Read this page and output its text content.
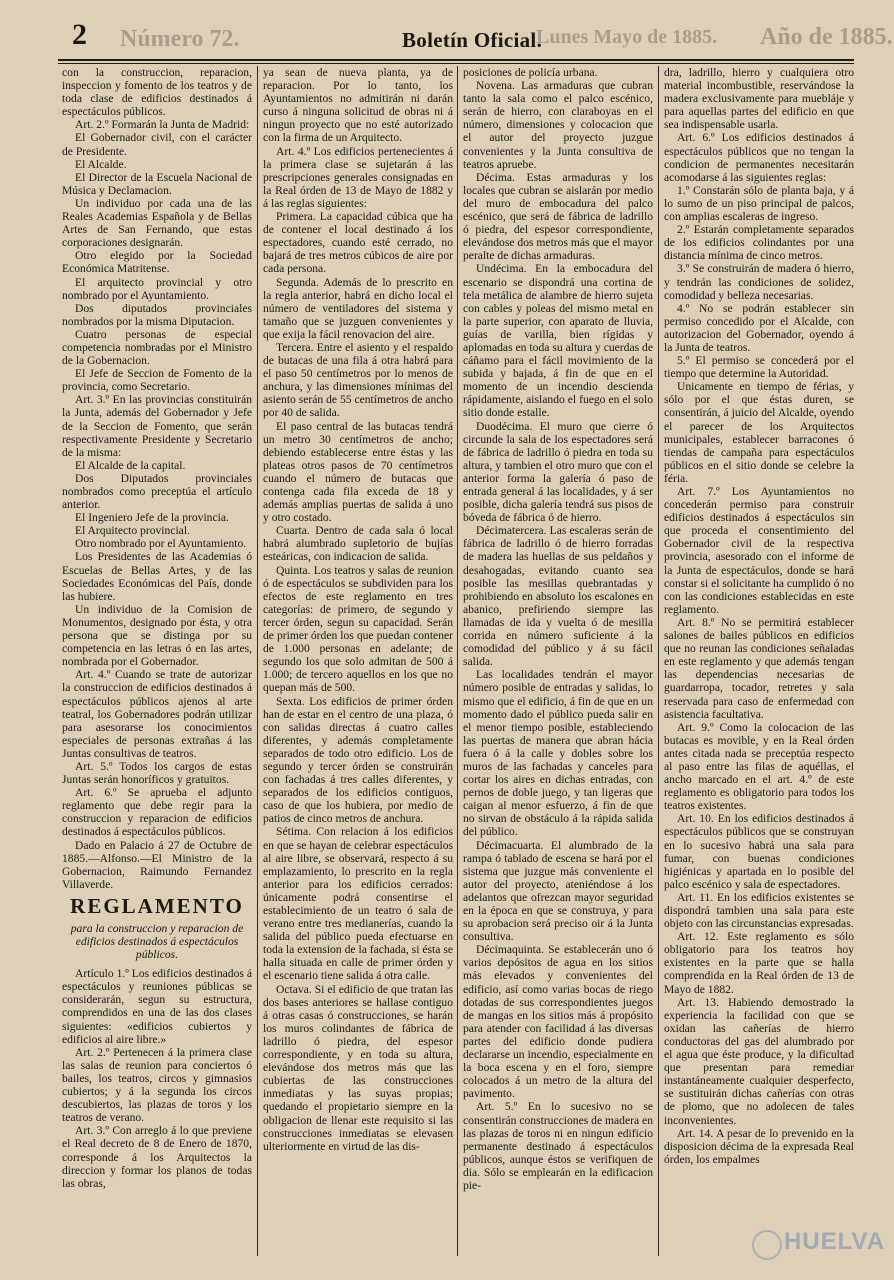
2 Número 72.	Boletín Oficial.
Lunes Mayo de 1885. Año de 1885.

con la construccion, reparacion, inspeccion y fomento de los teatros y de toda clase de edificios destinados á espectáculos públicos.

Art. 2.º Formarán la Junta de Madrid:

El Gobernador civil, con el carácter de Presidente.

El Alcalde.

El Director de la Escuela Nacional de Música y Declamacion.

Un individuo por cada una de las Reales Academias Española y de Bellas Artes de San Fernando, que estas corporaciones designarán.

Otro elegido por la Sociedad Económica Matritense.

El arquitecto provincial y otro nombrado por el Ayuntamiento.

Dos diputados provinciales nombrados por la misma Diputacion.

Cuatro personas de especial competencia nombradas por el Ministro de la Gobernacion.

El Jefe de Seccion de Fomento de la provincia, como Secretario.

Art. 3.º En las provincias constituirán la Junta, además del Gobernador y Jefe de la Seccion de Fomento, que serán respectivamente Presidente y Secretario de la misma:

El Alcalde de la capital.

Dos Diputados provinciales nombrados como preceptúa el artículo anterior.

El Ingeniero Jefe de la provincia.

El Arquitecto provincial.

Otro nombrado por el Ayuntamiento.

Los Presidentes de las Academias ó Escuelas de Bellas Artes, y de las Sociedades Económicas del País, donde las hubiere.

Un individuo de la Comision de Monumentos, designado por ésta, y otra persona que se distinga por su competencia en las letras ó en las artes, nombrada por el Gobernador.

Art. 4.º Cuando se trate de autorizar la construccion de edificios destinados á espectáculos públicos ajenos al arte teatral, los Gobernadores podrán utilizar para asesorarse los conocimientos especiales de personas extrañas á las Juntas consultivas de teatros.

Art. 5.º Todos los cargos de estas Juntas serán honoríficos y gratuitos.

Art. 6.º Se aprueba el adjunto reglamento que debe regir para la construccion y reparacion de edificios destinados á espectáculos públicos.

Dado en Palacio á 27 de Octubre de 1885.—Alfonso.—El Ministro de la Gobernacion, Raimundo Fernandez Villaverde.

REGLAMENTO

para la construccion y reparacion de edificios destinados á espectáculos públicos.

Artículo 1.º Los edificios destinados á espectáculos y reuniones públicas se considerarán, segun su estructura, comprendidos en una de las dos clases siguientes: «edificios cubiertos y edificios al aire libre.»

Art. 2.º Pertenecen á la primera clase las salas de reunion para conciertos ó bailes, los teatros, circos y gimnasios cubiertos; y á la segunda los circos descubiertos, las plazas de toros y los teatros de verano.

Art. 3.º Con arreglo á lo que previene el Real decreto de 8 de Enero de 1870, corresponde á los Arquitectos la direccion y formar los planos de todas las obras,

ya sean de nueva planta, ya de reparacion. Por lo tanto, los Ayuntamientos no admitirán ni darán curso á ninguna solicitud de obras ni á ningun proyecto que no esté autorizado con la firma de un Arquitecto.

Art. 4.º Los edificios pertenecientes á la primera clase se sujetarán á las prescripciones generales consignadas en la Real órden de 13 de Mayo de 1882 y á las reglas siguientes:

Primera. La capacidad cúbica que ha de contener el local destinado á los espectadores, cuando esté cerrado, no bajará de tres metros cúbicos de aire por cada persona.

Segunda. Además de lo prescrito en la regla anterior, habrá en dicho local el número de ventiladores del sistema y tamaño que se juzguen convenientes y que exija la fácil renovacion del aire.

Tercera. Entre el asiento y el respaldo de butacas de una fila á otra habrá para el paso 50 centímetros por lo menos de anchura, y las dimensiones mínimas del asiento serán de 55 centímetros de ancho por 40 de salida.

El paso central de las butacas tendrá un metro 30 centímetros de ancho; debiendo establecerse entre éstas y las plateas otros pasos de 70 centímetros cuando el número de butacas que contenga cada fila exceda de 18 y además amplias puertas de salida á uno y otro costado.

Cuarta. Dentro de cada sala ó local habrá alumbrado supletorio de bujías esteáricas, con indicacion de salida.

Quinta. Los teatros y salas de reunion ó de espectáculos se subdividen para los efectos de este reglamento en tres categorías: de primero, de segundo y tercer órden, segun su capacidad. Serán de primer órden los que puedan contener de 1.000 personas en adelante; de segundo los que solo admitan de 500 á 1.000; de tercero aquellos en los que no quepan más de 500.

Sexta. Los edificios de primer órden han de estar en el centro de una plaza, ó con salidas directas á cuatro calles diferentes, y además completamente separados de todo otro edificio. Los de segundo y tercer órden se construirán con fachadas á tres calles diferentes, y separados de los edificios contiguos, caso de que los hubiera, por medio de patios de cinco metros de anchura.

Sétima. Con relacion á los edificios en que se hayan de celebrar espectáculos al aire libre, se observará, respecto á su emplazamiento, lo prescrito en la regla anterior para los edificios cerrados: únicamente podrá consentirse el establecimiento de un teatro ó sala de verano entre tres medianerías, cuando la salida del público pueda efectuarse en toda la extension de la fachada, si ésta se halla situada en calle de primer órden y el escenario tiene salida á otra calle.

Octava. Si el edificio de que tratan las dos bases anteriores se hallase contiguo á otras casas ó construcciones, se harán los muros colindantes de fábrica de ladrillo ó piedra, del espesor correspondiente, y en toda su altura, elevándose dos metros más que las cubiertas de las construcciones inmediatas y las suyas propias; quedando el propietario siempre en la obligacion de llenar este requisito si las construcciones inmediatas se elevasen ulteriormente en virtud de las dis-

posiciones de policía urbana.

Novena. Las armaduras que cubran tanto la sala como el palco escénico, serán de hierro, con claraboyas en el número, dimensiones y colocacion que el autor del proyecto juzgue convenientes y la Junta consultiva de teatros apruebe.

Décima. Estas armaduras y los locales que cubran se aislarán por medio del muro de embocadura del palco escénico, que será de fábrica de ladrillo ó piedra, del espesor correspondiente, elevándose dos metros más que el mayor peralte de dichas armaduras.

Undécima. En la embocadura del escenario se dispondrá una cortina de tela metálica de alambre de hierro sujeta con cables y poleas del mismo metal en la parte superior, con aparato de lluvia, guías de varilla, bien rígidas y aplomadas en toda su altura y cuerdas de cáñamo para el fácil movimiento de la subida y bajada, á fin de que en el momento de un incendio descienda rápidamente, aislando el fuego en el solo sitio donde estalle.

Duodécima. El muro que cierre ó circunde la sala de los espectadores será de fábrica de ladrillo ó piedra en toda su altura, y tambien el otro muro que con el anterior forma la galería ó paso de entrada general á las localidades, y á ser posible, dicha galería tendrá sus pisos de bóveda de fábrica ó de hierro.

Décimatercera. Las escaleras serán de fábrica de ladrillo ó de hierro forradas de madera las huellas de sus peldaños y desahogadas, evitando cuanto sea posible las mesillas quebrantadas y prohibiendo en absoluto los escalones en abanico, prefiriendo siempre las llamadas de ida y vuelta ó de mesilla corrida en número suficiente á la comodidad del público y á su fácil salida.

Las localidades tendrán el mayor número posible de entradas y salidas, lo mismo que el edificio, á fin de que en un momento dado el público pueda salir en el menor tiempo posible, estableciendo las puertas de manera que abran hácia fuera ó á la calle y dobles sobre los muros de las fachadas y canceles para cortar los aires en dichas entradas, con pernos de doble juego, y tan ligeras que caigan al menor esfuerzo, á fin de que no sirvan de obstáculo á la rápida salida del público.

Décimacuarta. El alumbrado de la rampa ó tablado de escena se hará por el sistema que juzgue más conveniente el autor del proyecto, ateniéndose á los adelantos que ofrezcan mayor seguridad en la época en que se construya, y para su aprobacion será preciso oir á la Junta consultiva.

Décimaquinta. Se establecerán uno ó varios depósitos de agua en los sitios más elevados y convenientes del edificio, así como varias bocas de riego dotadas de sus correspondientes juegos de mangas en los sitios más á propósito para atender con facilidad á las diversas partes del edificio donde pudiera declararse un incendio, especialmente en la boca escena y en el foro, siempre colocados á un metro de la altura del pavimento.

Art. 5.º En lo sucesivo no se consentirán construcciones de madera en las plazas de toros ni en ningun edificio permanente destinado á espectáculos públicos, aunque éstos se verifiquen de dia. Sólo se emplearán en la edificacion pie-

dra, ladrillo, hierro y cualquiera otro material incombustible, reservándose la madera exclusivamente para muebláje y para aquellas partes del edificio en que sea indispensable usarla.

Art. 6.º Los edificios destinados á espectáculos públicos que no tengan la condicion de permanentes necesitarán acomodarse á las siguientes reglas:

1.º Constarán sólo de planta baja, y á lo sumo de un piso principal de palcos, con amplias escaleras de ingreso.

2.º Estarán completamente separados de los edificios colindantes por una distancia mínima de cinco metros.

3.º Se construirán de madera ó hierro, y tendrán las condiciones de solidez, comodidad y belleza necesarias.

4.º No se podrán establecer sin permiso concedido por el Alcalde, con autorizacion del Gobernador, oyendo á la Junta de teatros.

5.º El permiso se concederá por el tiempo que determine la Autoridad.

Unicamente en tiempo de férias, y sólo por el que éstas duren, se consentirán, á juicio del Alcalde, oyendo el parecer de los Arquitectos municipales, establecer barracones ó tiendas de campaña para espectáculos públicos en el sitio donde se celebre la féria.

Art. 7.º Los Ayuntamientos no concederán permiso para construir edificios destinados á espectáculos sin que proceda el consentimiento del Gobernador civil de la respectiva provincia, asesorado con el informe de la Junta de espectáculos, donde se hará constar si el solicitante ha cumplido ó no con las condiciones establecidas en este reglamento.

Art. 8.º No se permitirá establecer salones de bailes públicos en edificios que no reunan las condiciones señaladas en este reglamento y que además tengan las dependencias necesarias de guardarropa, tocador, retretes y sala reservada para caso de enfermedad con asistencia facultativa.

Art. 9.º Como la colocacion de las butacas es movible, y en la Real órden antes citada nada se preceptúa respecto al paso entre las filas de aquéllas, el ancho marcado en el art. 4.º de este reglamento es obligatorio para todos los teatros existentes.

Art. 10. En los edificios destinados á espectáculos públicos que se construyan en lo sucesivo habrá una sala para fumar, con buenas condiciones higiénicas y apartada en lo posible del palco escénico y sala de espectadores.

Art. 11. En los edificios existentes se dispondrá tambien una sala para este objeto con las circunstancias expresadas.

Art. 12. Este reglamento es sólo obligatorio para los teatros hoy existentes en la parte que se halla comprendida en la Real órden de 13 de Mayo de 1882.

Art. 13. Habiendo demostrado la experiencia la facilidad con que se oxidan las cañerías de hierro conductoras del gas del alumbrado por el agua que éste produce, y la dificultad que presentan para remediar instantáneamente cualquier desperfecto, se sustituirán dichas cañerías con otras de plomo, que no adolecen de tales inconvenientes.

Art. 14. A pesar de lo prevenido en la disposicion décima de la expresada Real órden, los empalmes

HUELVA
